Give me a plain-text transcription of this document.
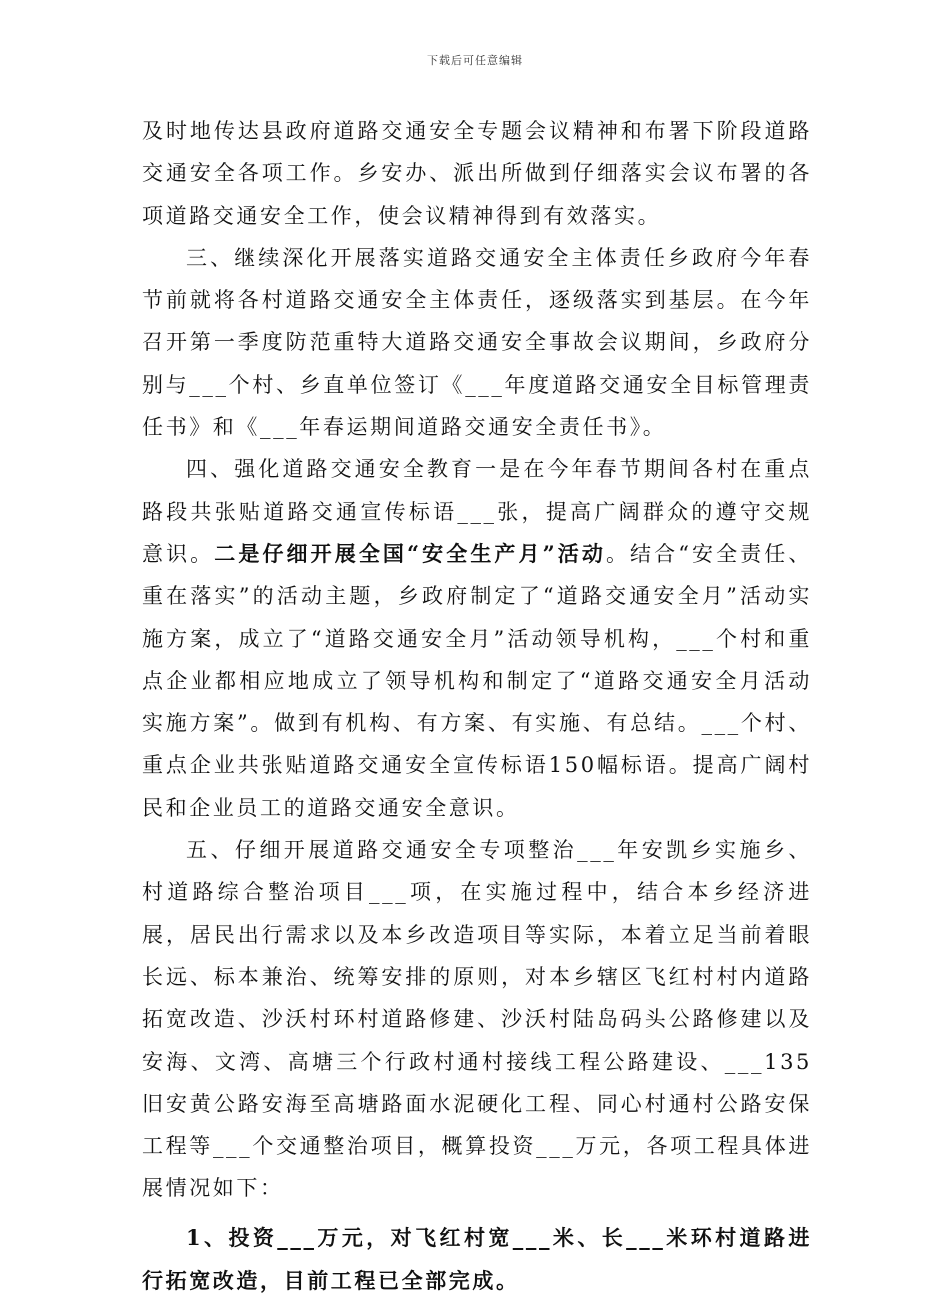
下载后可任意编辑

及时地传达县政府道路交通安全专题会议精神和布署下阶段道路交通安全各项工作。乡安办、派出所做到仔细落实会议布署的各项道路交通安全工作，使会议精神得到有效落实。

三、继续深化开展落实道路交通安全主体责任乡政府今年春节前就将各村道路交通安全主体责任，逐级落实到基层。在今年召开第一季度防范重特大道路交通安全事故会议期间，乡政府分别与___个村、乡直单位签订《___年度道路交通安全目标管理责任书》和《___年春运期间道路交通安全责任书》。

四、强化道路交通安全教育一是在今年春节期间各村在重点路段共张贴道路交通宣传标语___张，提高广阔群众的遵守交规意识。二是仔细开展全国“安全生产月”活动。结合“安全责任、重在落实”的活动主题，乡政府制定了“道路交通安全月”活动实施方案，成立了“道路交通安全月”活动领导机构，___个村和重点企业都相应地成立了领导机构和制定了“道路交通安全月活动实施方案”。做到有机构、有方案、有实施、有总结。___个村、重点企业共张贴道路交通安全宣传标语150幅标语。提高广阔村民和企业员工的道路交通安全意识。

五、仔细开展道路交通安全专项整治___年安凯乡实施乡、村道路综合整治项目___项，在实施过程中，结合本乡经济进展，居民出行需求以及本乡改造项目等实际，本着立足当前着眼长远、标本兼治、统筹安排的原则，对本乡辖区飞红村村内道路拓宽改造、沙沃村环村道路修建、沙沃村陆岛码头公路修建以及安海、文湾、高塘三个行政村通村接线工程公路建设、___135旧安黄公路安海至高塘路面水泥硬化工程、同心村通村公路安保工程等___个交通整治项目，概算投资___万元，各项工程具体进展情况如下：

1、投资___万元，对飞红村宽___米、长___米环村道路进行拓宽改造，目前工程已全部完成。
